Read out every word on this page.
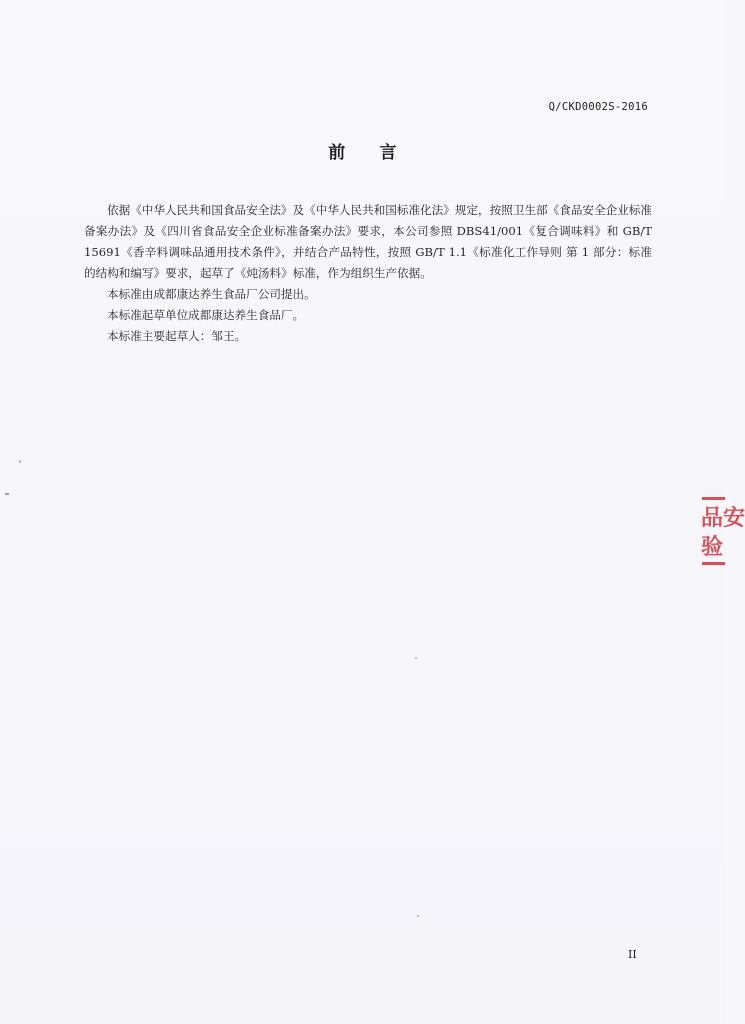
Q/CKD0002S-2016
前 言

依据《中华人民共和国食品安全法》及《中华人民共和国标准化法》规定，按照卫生部《食品安全企业标准备案办法》及《四川省食品安全企业标准备案办法》要求，本公司参照 DBS41/001《复合调味料》和 GB/T 15691《香辛料调味品通用技术条件》，并结合产品特性，按照 GB/T 1.1《标准化工作导则 第 1 部分：标准的结构和编写》要求，起草了《炖汤料》标准，作为组织生产依据。

本标准由成都康达养生食品厂公司提出。

本标准起草单位成都康达养生食品厂。

本标准主要起草人：邹王。

品安
验
II
